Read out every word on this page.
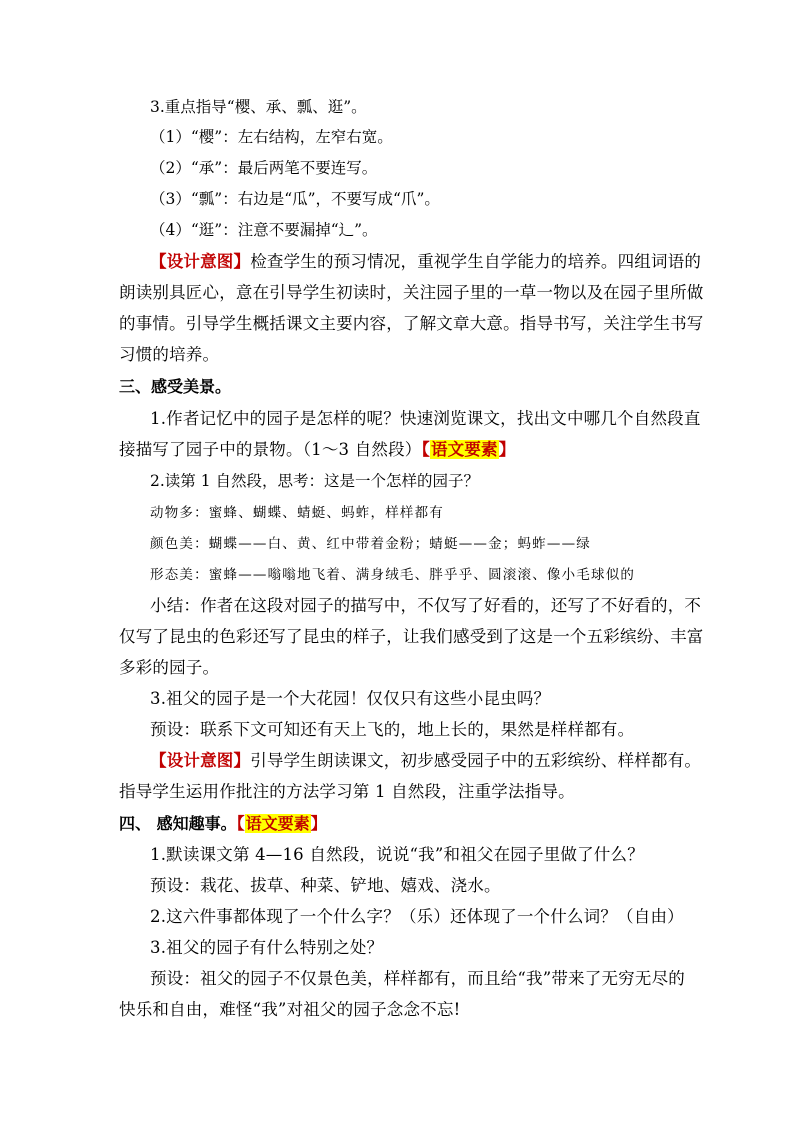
3.重点指导“樱、承、瓢、逛”。
（1）“樱”：左右结构，左窄右宽。
（2）“承”：最后两笔不要连写。
（3）“瓢”：右边是“瓜”，不要写成“爪”。
（4）“逛”：注意不要漏掉“辶”。
【设计意图】检查学生的预习情况，重视学生自学能力的培养。四组词语的
朗读别具匠心，意在引导学生初读时，关注园子里的一草一物以及在园子里所做
的事情。引导学生概括课文主要内容，了解文章大意。指导书写，关注学生书写
习惯的培养。
三、感受美景。
1.作者记忆中的园子是怎样的呢？快速浏览课文，找出文中哪几个自然段直
接描写了园子中的景物。（1～3 自然段）【语文要素】
2.读第 1 自然段，思考：这是一个怎样的园子？
动物多：蜜蜂、蝴蝶、蜻蜓、蚂蚱，样样都有
颜色美：蝴蝶——白、黄、红中带着金粉；蜻蜓——金；蚂蚱——绿
形态美：蜜蜂——嗡嗡地飞着、满身绒毛、胖乎乎、圆滚滚、像小毛球似的
小结：作者在这段对园子的描写中，不仅写了好看的，还写了不好看的，不
仅写了昆虫的色彩还写了昆虫的样子，让我们感受到了这是一个五彩缤纷、丰富
多彩的园子。
3.祖父的园子是一个大花园！仅仅只有这些小昆虫吗？
预设：联系下文可知还有天上飞的，地上长的，果然是样样都有。
【设计意图】引导学生朗读课文，初步感受园子中的五彩缤纷、样样都有。
指导学生运用作批注的方法学习第 1 自然段，注重学法指导。
四、 感知趣事。【语文要素】
1.默读课文第 4—16 自然段，说说“我”和祖父在园子里做了什么？
预设：栽花、拔草、种菜、铲地、嬉戏、浇水。
2.这六件事都体现了一个什么字？（乐）还体现了一个什么词？（自由）
3.祖父的园子有什么特别之处？
预设：祖父的园子不仅景色美，样样都有，而且给“我”带来了无穷无尽的
快乐和自由，难怪“我”对祖父的园子念念不忘!
